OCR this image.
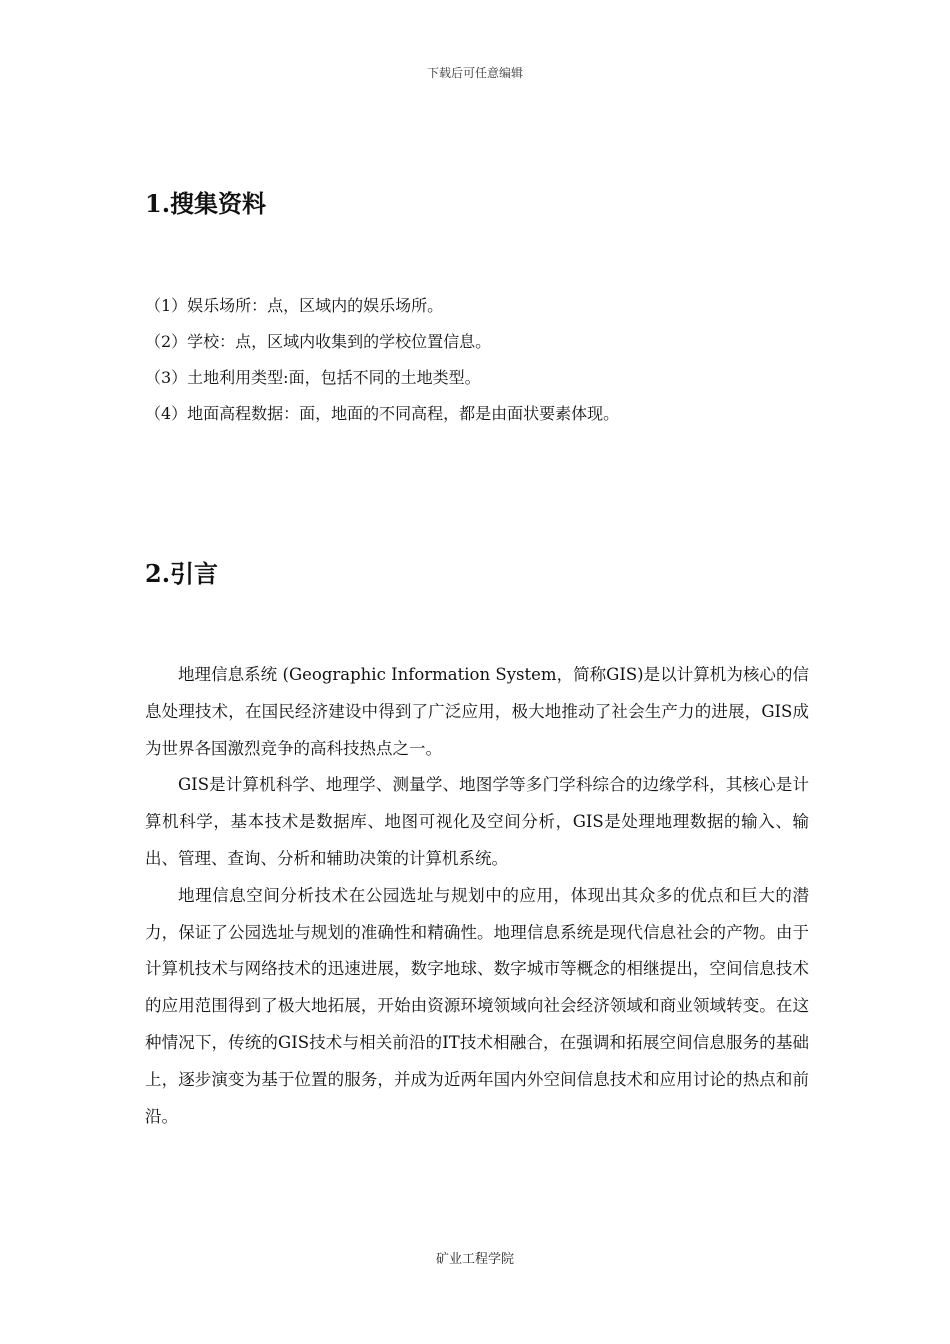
下载后可任意编辑
1.搜集资料
（1）娱乐场所：点，区域内的娱乐场所。
（2）学校：点，区域内收集到的学校位置信息。
（3）土地利用类型:面，包括不同的土地类型。
（4）地面高程数据：面，地面的不同高程，都是由面状要素体现。
2.引言

地理信息系统 (Geographic Information System，简称GIS)是以计算机为核心的信息处理技术，在国民经济建设中得到了广泛应用，极大地推动了社会生产力的进展，GIS成为世界各国激烈竞争的高科技热点之一。

GIS是计算机科学、地理学、测量学、地图学等多门学科综合的边缘学科，其核心是计算机科学，基本技术是数据库、地图可视化及空间分析，GIS是处理地理数据的输入、输出、管理、查询、分析和辅助决策的计算机系统。

地理信息空间分析技术在公园选址与规划中的应用，体现出其众多的优点和巨大的潜力，保证了公园选址与规划的准确性和精确性。地理信息系统是现代信息社会的产物。由于计算机技术与网络技术的迅速进展，数字地球、数字城市等概念的相继提出，空间信息技术的应用范围得到了极大地拓展，开始由资源环境领域向社会经济领域和商业领域转变。在这种情况下，传统的GIS技术与相关前沿的IT技术相融合，在强调和拓展空间信息服务的基础上，逐步演变为基于位置的服务，并成为近两年国内外空间信息技术和应用讨论的热点和前沿。

矿业工程学院
